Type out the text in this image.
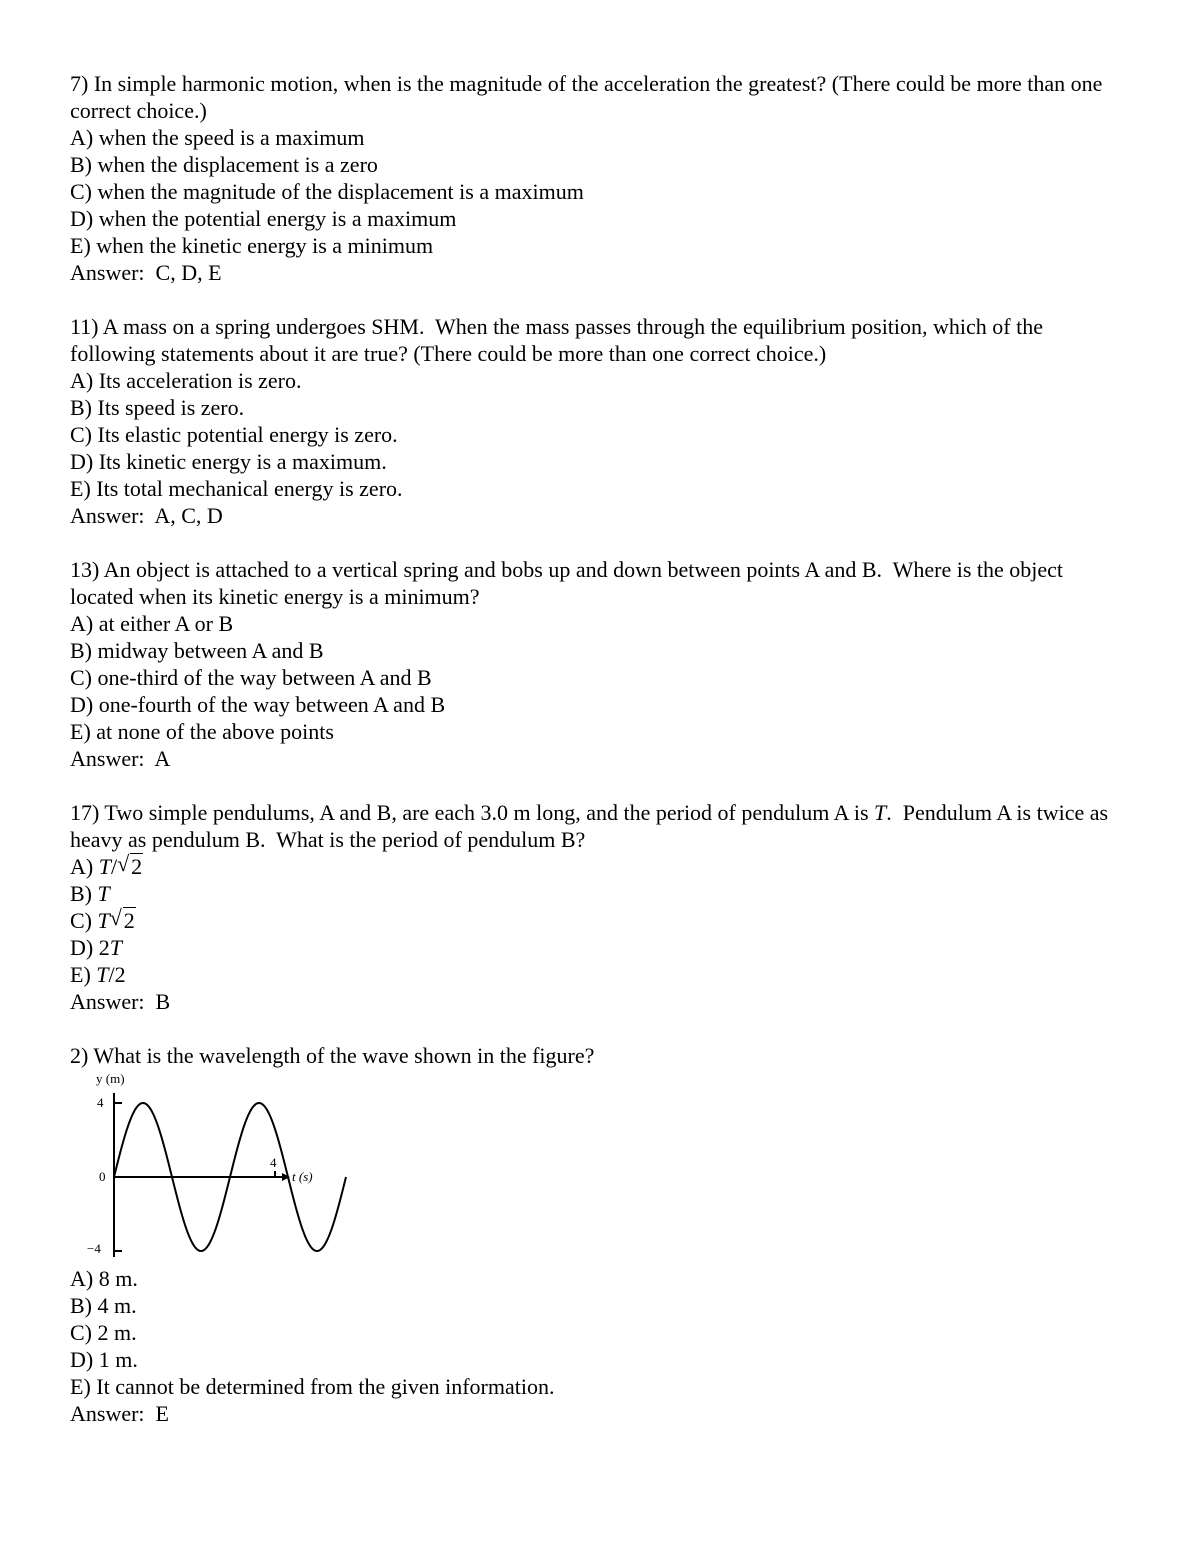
7) In simple harmonic motion, when is the magnitude of the acceleration the greatest? (There could be more than one correct choice.)
A) when the speed is a maximum
B) when the displacement is a zero
C) when the magnitude of the displacement is a maximum
D) when the potential energy is a maximum
E) when the kinetic energy is a minimum
Answer:  C, D, E
11) A mass on a spring undergoes SHM.  When the mass passes through the equilibrium position, which of the following statements about it are true? (There could be more than one correct choice.)
A) Its acceleration is zero.
B) Its speed is zero.
C) Its elastic potential energy is zero.
D) Its kinetic energy is a maximum.
E) Its total mechanical energy is zero.
Answer:  A, C, D
13) An object is attached to a vertical spring and bobs up and down between points A and B.  Where is the object located when its kinetic energy is a minimum?
A) at either A or B
B) midway between A and B
C) one-third of the way between A and B
D) one-fourth of the way between A and B
E) at none of the above points
Answer:  A
17) Two simple pendulums, A and B, are each 3.0 m long, and the period of pendulum A is T.  Pendulum A is twice as heavy as pendulum B.  What is the period of pendulum B?
A) T/ √ 2
B) T
C) T √ 2
D) 2T
E) T/2
Answer:  B
2) What is the wavelength of the wave shown in the figure?
y (m)
t (s)
4
0
−4
4
A) 8 m.
B) 4 m.
C) 2 m.
D) 1 m.
E) It cannot be determined from the given information.
Answer:  E
